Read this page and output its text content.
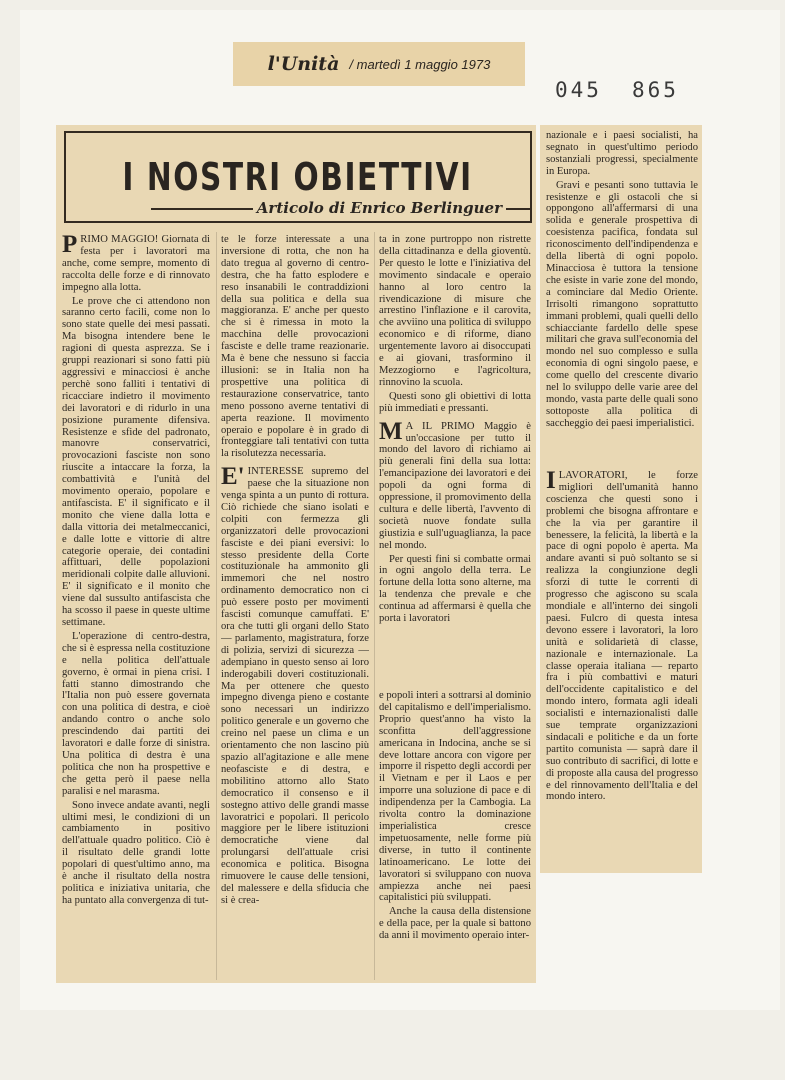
l'Unità / martedì 1 maggio 1973
045 865
I NOSTRI OBIETTIVI
Articolo di Enrico Berlinguer

PRIMO MAGGIO! Giornata di festa per i lavoratori ma anche, come sempre, momento di raccolta delle forze e di rinnovato impegno alla lotta.

Le prove che ci attendono non saranno certo facili, come non lo sono state quelle dei mesi passati. Ma bisogna intendere bene le ragioni di questa asprezza. Se i gruppi reazionari si sono fatti più aggressivi e minacciosi è anche perchè sono falliti i tentativi di ricacciare indietro il movimento dei lavoratori e di ridurlo in una posizione puramente difensiva. Resistenze e sfide del padronato, manovre conservatrici, provocazioni fasciste non sono riuscite a intaccare la forza, la combattività e l'unità del movimento operaio, popolare e antifascista. E' il significato e il monito che viene dalla lotta e dalla vittoria dei metalmeccanici, e dalle lotte e vittorie di altre categorie operaie, dei contadini affittuari, delle popolazioni meridionali colpite dalle alluvioni. E' il significato e il monito che viene dal sussulto antifascista che ha scosso il paese in queste ultime settimane.

L'operazione di centro-destra, che si è espressa nella costituzione e nella politica dell'attuale governo, è ormai in piena crisi. I fatti stanno dimostrando che l'Italia non può essere governata con una politica di destra, e cioè andando contro o anche solo prescindendo dai partiti dei lavoratori e dalle forze di sinistra. Una politica di destra è una politica che non ha prospettive e che getta però il paese nella paralisi e nel marasma.

Sono invece andate avanti, negli ultimi mesi, le condizioni di un cambiamento in positivo dell'attuale quadro politico. Ciò è il risultato delle grandi lotte popolari di quest'ultimo anno, ma è anche il risultato della nostra politica e iniziativa unitaria, che ha puntato alla convergenza di tut-

te le forze interessate a una inversione di rotta, che non ha dato tregua al governo di centro-destra, che ha fatto esplodere e reso insanabili le contraddizioni della sua politica e della sua maggioranza. E' anche per questo che si è rimessa in moto la macchina delle provocazioni fasciste e delle trame reazionarie. Ma è bene che nessuno si faccia illusioni: se in Italia non ha prospettive una politica di restaurazione conservatrice, tanto meno possono averne tentativi di aperta reazione. Il movimento operaio e popolare è in grado di fronteggiare tali tentativi con tutta la risolutezza necessaria.

E' INTERESSE supremo del paese che la situazione non venga spinta a un punto di rottura. Ciò richiede che siano isolati e colpiti con fermezza gli organizzatori delle provocazioni fasciste e dei piani eversivi: lo stesso presidente della Corte costituzionale ha ammonito gli immemori che nel nostro ordinamento democratico non ci può essere posto per movimenti fascisti comunque camuffati. E' ora che tutti gli organi dello Stato — parlamento, magistratura, forze di polizia, servizi di sicurezza — adempiano in questo senso ai loro inderogabili doveri costituzionali. Ma per ottenere che questo impegno divenga pieno e costante sono necessari un indirizzo politico generale e un governo che creino nel paese un clima e un orientamento che non lascino più spazio all'agitazione e alle mene neofasciste e di destra, e mobilitino attorno allo Stato democratico il consenso e il sostegno attivo delle grandi masse lavoratrici e popolari. Il pericolo maggiore per le libere istituzioni democratiche viene dal prolungarsi dell'attuale crisi economica e politica. Bisogna rimuovere le cause delle tensioni, del malessere e della sfiducia che si è crea-

ta in zone purtroppo non ristrette della cittadinanza e della gioventù. Per questo le lotte e l'iniziativa del movimento sindacale e operaio hanno al loro centro la rivendicazione di misure che arrestino l'inflazione e il carovita, che avviino una politica di sviluppo economico e di riforme, diano urgentemente lavoro ai disoccupati e ai giovani, trasformino il Mezzogiorno e l'agricoltura, rinnovino la scuola.

Questi sono gli obiettivi di lotta più immediati e pressanti.

M A IL PRIMO Maggio è un'occasione per tutto il mondo del lavoro di richiamo ai più generali fini della sua lotta: l'emancipazione dei lavoratori e dei popoli da ogni forma di oppressione, il promovimento della cultura e delle libertà, l'avvento di società nuove fondate sulla giustizia e sull'uguaglianza, la pace nel mondo.

Per questi fini si combatte ormai in ogni angolo della terra. Le fortune della lotta sono alterne, ma la tendenza che prevale e che continua ad affermarsi è quella che porta i lavoratori

e popoli interi a sottrarsi al dominio del capitalismo e dell'imperialismo. Proprio quest'anno ha visto la sconfitta dell'aggressione americana in Indocina, anche se si deve lottare ancora con vigore per imporre il rispetto degli accordi per il Vietnam e per il Laos e per imporre una soluzione di pace e di indipendenza per la Cambogia. La rivolta contro la dominazione imperialistica cresce impetuosamente, nelle forme più diverse, in tutto il continente latinoamericano. Le lotte dei lavoratori si sviluppano con nuova ampiezza anche nei paesi capitalistici più sviluppati.

Anche la causa della distensione e della pace, per la quale si battono da anni il movimento operaio inter-

nazionale e i paesi socialisti, ha segnato in quest'ultimo periodo sostanziali progressi, specialmente in Europa.

Gravi e pesanti sono tuttavia le resistenze e gli ostacoli che si oppongono all'affermarsi di una solida e generale prospettiva di coesistenza pacifica, fondata sul riconoscimento dell'indipendenza e della libertà di ogni popolo. Minacciosa è tuttora la tensione che esiste in varie zone del mondo, a cominciare dal Medio Oriente. Irrisolti rimangono soprattutto immani problemi, quali quelli dello schiacciante fardello delle spese militari che grava sull'economia del mondo nel suo complesso e sulla economia di ogni singolo paese, e come quello del crescente divario nel lo sviluppo delle varie aree del mondo, vasta parte delle quali sono sottoposte alla politica di saccheggio dei paesi imperialistici.

ILAVORATORI, le forze migliori dell'umanità hanno coscienza che questi sono i problemi che bisogna affrontare e che la via per garantire il benessere, la felicità, la libertà e la pace di ogni popolo è aperta. Ma andare avanti si può soltanto se si realizza la congiunzione degli sforzi di tutte le correnti di progresso che agiscono su scala mondiale e all'interno dei singoli paesi. Fulcro di questa intesa devono essere i lavoratori, la loro unità e solidarietà di classe, nazionale e internazionale. La classe operaia italiana — reparto fra i più combattivi e maturi dell'occidente capitalistico e del mondo intero, formata agli ideali socialisti e internazionalisti dalle sue temprate organizzazioni sindacali e politiche e da un forte partito comunista — saprà dare il suo contributo di sacrifici, di lotte e di proposte alla causa del progresso e del rinnovamento dell'Italia e del mondo intero.
